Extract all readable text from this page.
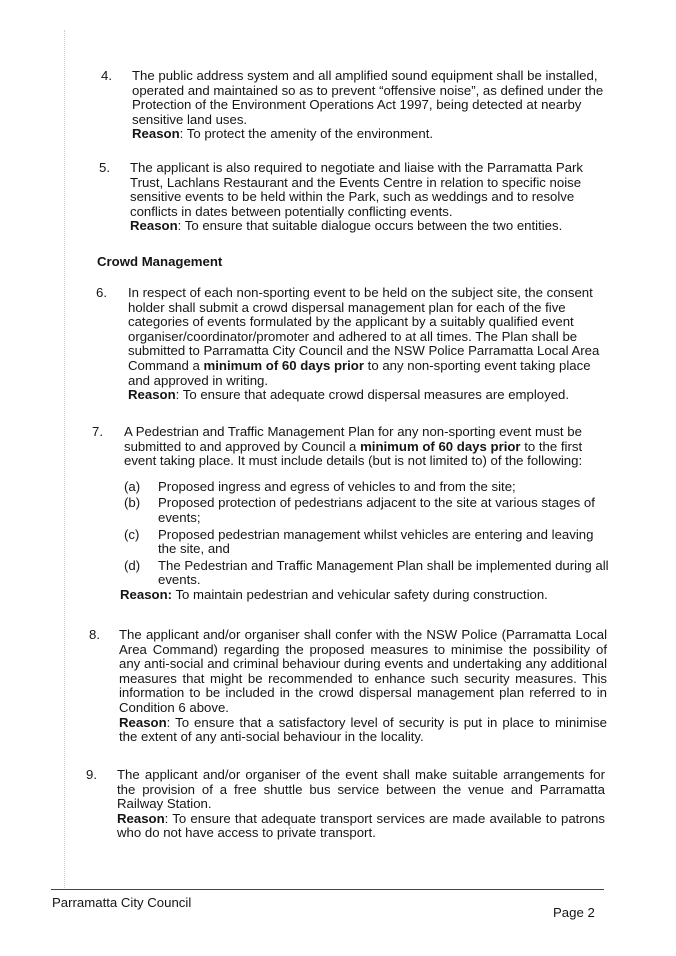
4. The public address system and all amplified sound equipment shall be installed, operated and maintained so as to prevent “offensive noise”, as defined under the Protection of the Environment Operations Act 1997, being detected at nearby sensitive land uses.

Reason: To protect the amenity of the environment.

5. The applicant is also required to negotiate and liaise with the Parramatta Park Trust, Lachlans Restaurant and the Events Centre in relation to specific noise sensitive events to be held within the Park, such as weddings and to resolve conflicts in dates between potentially conflicting events.

Reason: To ensure that suitable dialogue occurs between the two entities.

Crowd Management
6. In respect of each non-sporting event to be held on the subject site, the consent holder shall submit a crowd dispersal management plan for each of the five categories of events formulated by the applicant by a suitably qualified event organiser/coordinator/promoter and adhered to at all times. The Plan shall be submitted to Parramatta City Council and the NSW Police Parramatta Local Area Command a minimum of 60 days prior to any non-sporting event taking place and approved in writing.

Reason: To ensure that adequate crowd dispersal measures are employed.

7. A Pedestrian and Traffic Management Plan for any non-sporting event must be submitted to and approved by Council a minimum of 60 days prior to the first event taking place. It must include details (but is not limited to) of the following:

(a) Proposed ingress and egress of vehicles to and from the site;
(b) Proposed protection of pedestrians adjacent to the site at various stages of events;
(c) Proposed pedestrian management whilst vehicles are entering and leaving the site, and
(d) The Pedestrian and Traffic Management Plan shall be implemented during all events.

Reason: To maintain pedestrian and vehicular safety during construction.

8. The applicant and/or organiser shall confer with the NSW Police (Parramatta Local Area Command) regarding the proposed measures to minimise the possibility of any anti-social and criminal behaviour during events and undertaking any additional measures that might be recommended to enhance such security measures. This information to be included in the crowd dispersal management plan referred to in Condition 6 above.

Reason: To ensure that a satisfactory level of security is put in place to minimise the extent of any anti-social behaviour in the locality.

9. The applicant and/or organiser of the event shall make suitable arrangements for the provision of a free shuttle bus service between the venue and Parramatta Railway Station.

Reason: To ensure that adequate transport services are made available to patrons who do not have access to private transport.

Parramatta City Council
Page 2
